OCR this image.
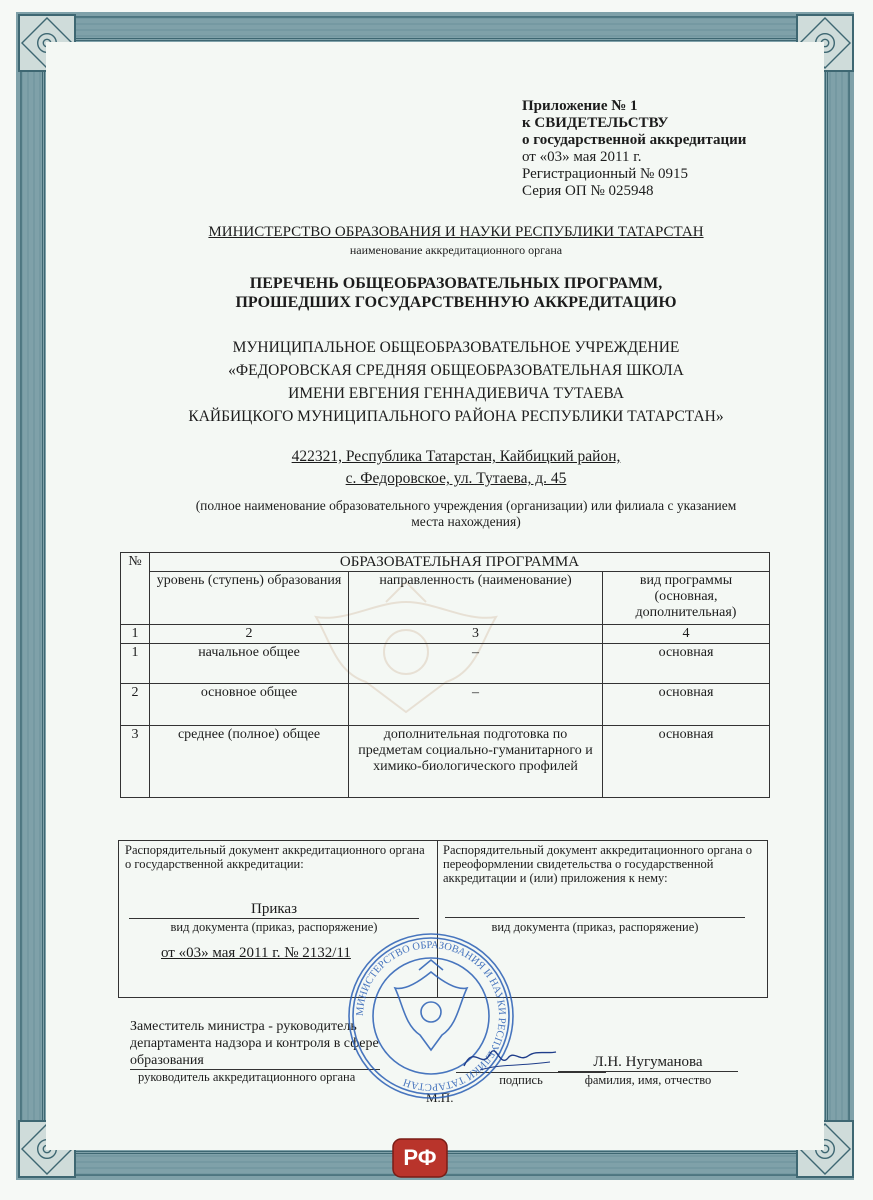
Приложение № 1
к СВИДЕТЕЛЬСТВУ
о государственной аккредитации
от «03» мая 2011 г.
Регистрационный № 0915
Серия ОП № 025948
МИНИСТЕРСТВО ОБРАЗОВАНИЯ И НАУКИ РЕСПУБЛИКИ ТАТАРСТАН
наименование аккредитационного органа
ПЕРЕЧЕНЬ ОБЩЕОБРАЗОВАТЕЛЬНЫХ ПРОГРАММ,
ПРОШЕДШИХ ГОСУДАРСТВЕННУЮ АККРЕДИТАЦИЮ
МУНИЦИПАЛЬНОЕ ОБЩЕОБРАЗОВАТЕЛЬНОЕ УЧРЕЖДЕНИЕ
«ФЕДОРОВСКАЯ СРЕДНЯЯ ОБЩЕОБРАЗОВАТЕЛЬНАЯ ШКОЛА
ИМЕНИ ЕВГЕНИЯ ГЕННАДИЕВИЧА ТУТАЕВА
КАЙБИЦКОГО МУНИЦИПАЛЬНОГО РАЙОНА РЕСПУБЛИКИ ТАТАРСТАН»
422321, Республика Татарстан, Кайбицкий район,
с. Федоровское, ул. Тутаева, д. 45
(полное наименование образовательного учреждения (организации) или филиала с указанием
места нахождения)
№	ОБРАЗОВАТЕЛЬНАЯ ПРОГРАММА		
	уровень (ступень) образования	направленность (наименование)	вид программы (основная, дополнительная)
1	2	3	4
1	начальное общее	–	основная
2	основное общее	–	основная
3	среднее (полное) общее	дополнительная подготовка по предметам социально-гуманитарного и химико-биологического профилей	основная
Распорядительный документ аккредитационного органа о государственной аккредитации:
Приказ
вид документа (приказ, распоряжение)
от «03» мая 2011 г. № 2132/11
Распорядительный документ аккредитационного органа о переоформлении свидетельства о государственной аккредитации и (или) приложения к нему:
вид документа (приказ, распоряжение)
Заместитель министра - руководитель
департамента надзора и контроля в сфере
образования
руководитель аккредитационного органа	подпись
Л.Н. Нугуманова
фамилия, имя, отчество
М.П.
МИНИСТЕРСТВО ОБРАЗОВАНИЯ И НАУКИ РЕСПУБЛИКИ ТАТАРСТАН
РФ
